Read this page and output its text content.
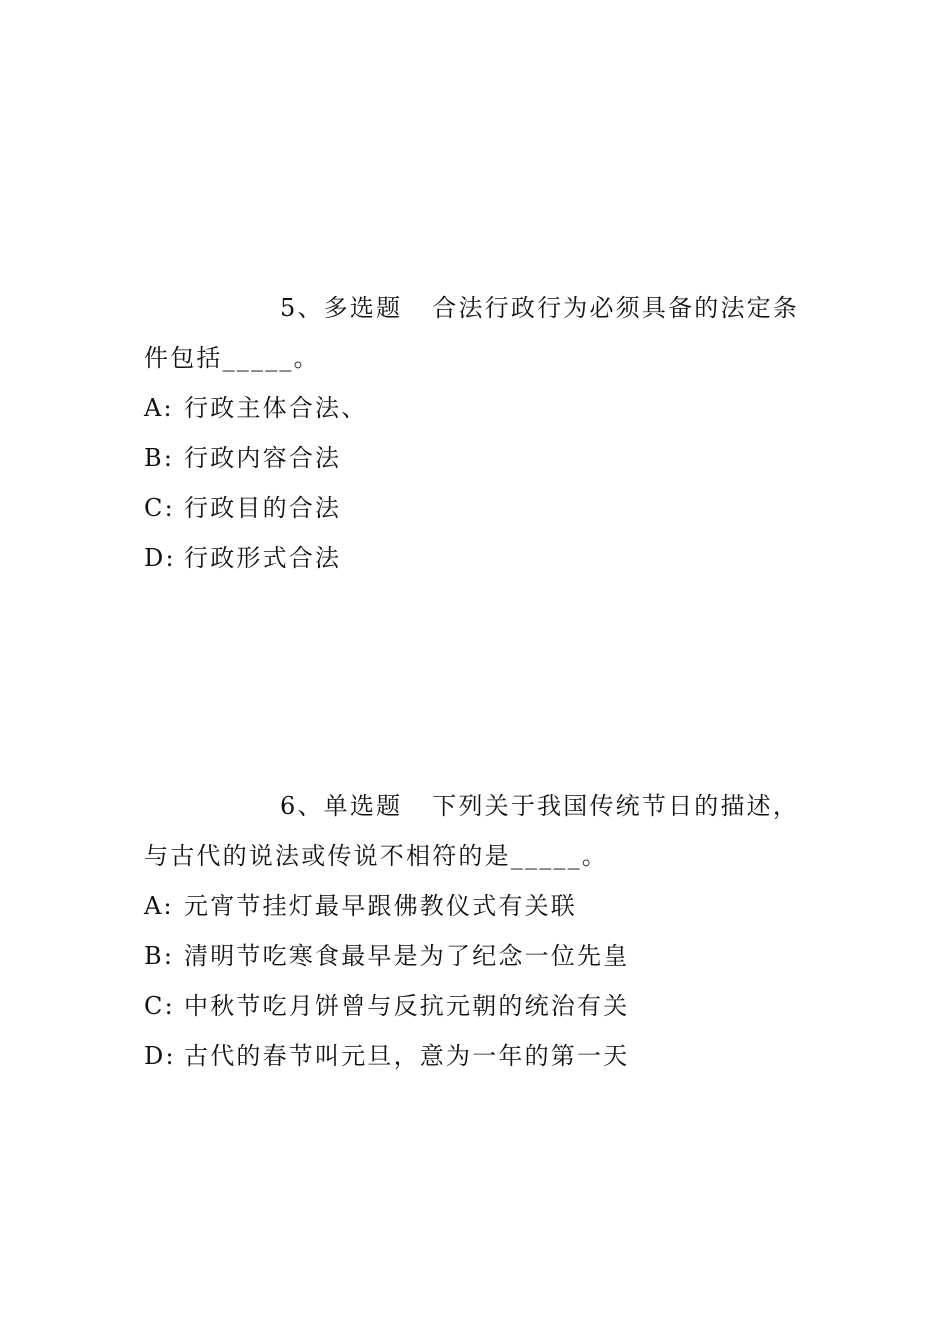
5、多选题 合法行政行为必须具备的法定条件包括_____。

A: 行政主体合法、

B: 行政内容合法

C: 行政目的合法

D: 行政形式合法

6、单选题 下列关于我国传统节日的描述，与古代的说法或传说不相符的是_____。

A: 元宵节挂灯最早跟佛教仪式有关联

B: 清明节吃寒食最早是为了纪念一位先皇

C: 中秋节吃月饼曾与反抗元朝的统治有关

D: 古代的春节叫元旦，意为一年的第一天
